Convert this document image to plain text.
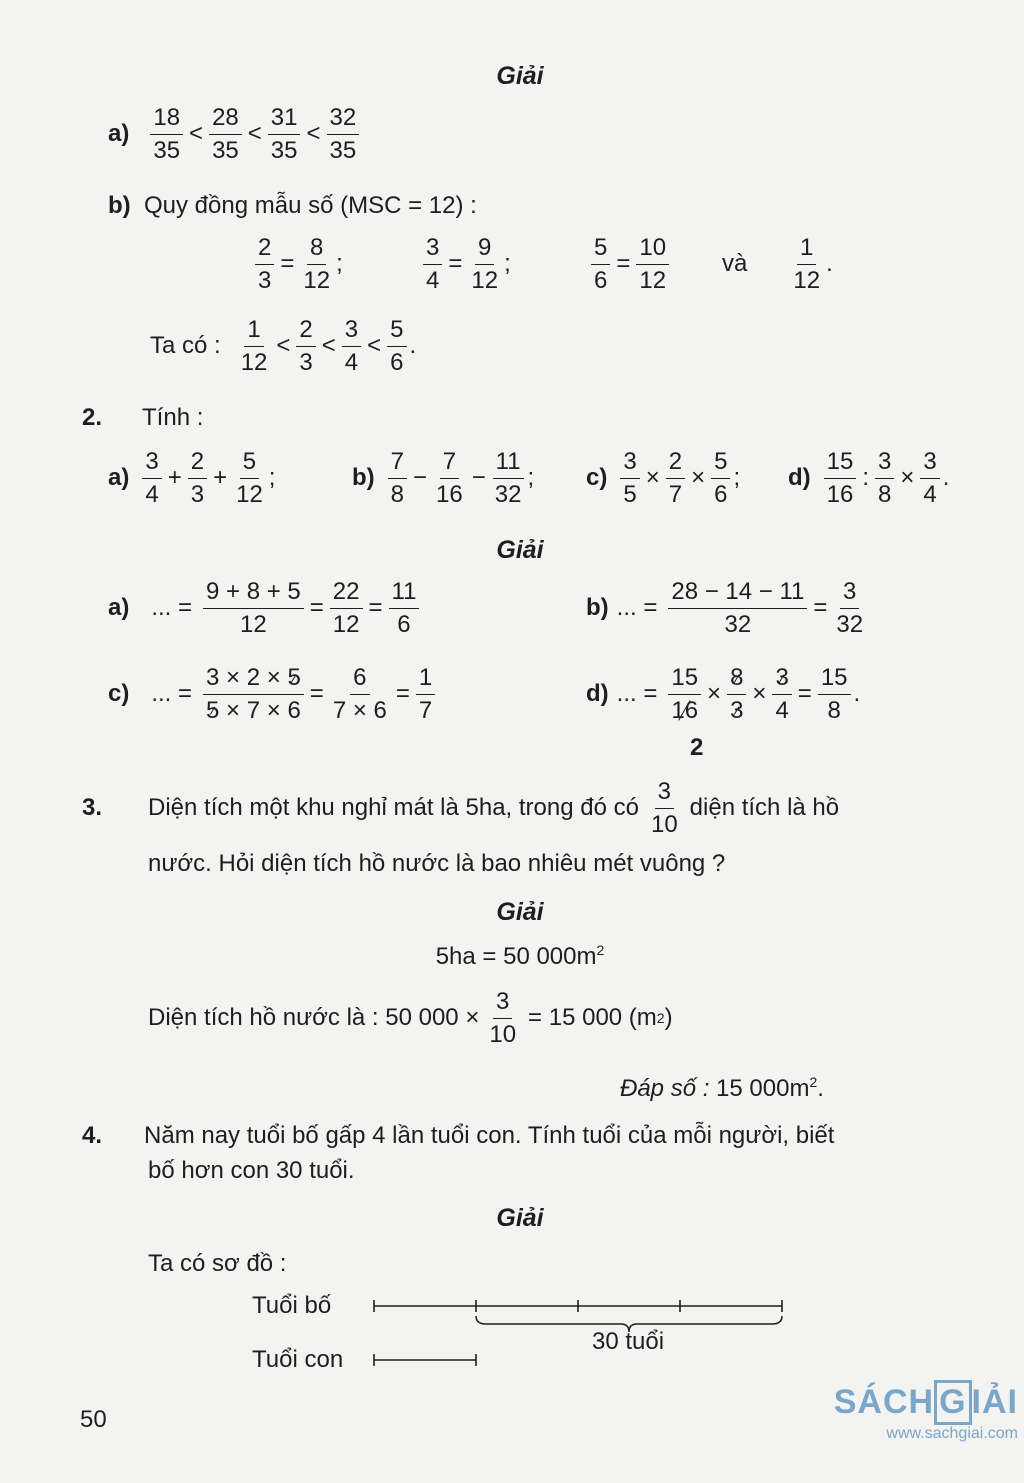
Giải
a)
18
35
<
28
35
<
31
35
<
32
35
b) Quy đồng mẫu số (MSC = 12) :
$\frac{2}{3} = \frac{8}{12}$ ;	$\frac{3}{4} = \frac{9}{12}$ ;	$\frac{5}{6} = \frac{10}{12}$ và
1
12
.
Ta có :
1
12
<
2
3
<
3
4
<
5
6
.
2. Tính :
a)
3
4
+ $\frac{2}{3} + \frac{5}{12}$ ;	b)
7
8
− $\frac{7}{16} - \frac{11}{32}$ ; $c) \frac{3}{5} \times \frac{2}{7} \times \frac{5}{6}$ ; d)
15
16
: $\frac{3}{8} \times \frac{3}{4}$ .
Giải
a) ... = $\frac{9 + 8 + 5}{12} = \frac{22}{12} = \frac{11}{6}$	b) ... = $\frac{28 - 14 - 11}{32} = \frac{3}{32}$
c) ... = $\frac{3 \times 2 \times 5}{5 \times 7 \times 6} = \frac{6}{7 \times 6} = \frac{1}{7}$	d) ... = $\frac{15}{16} \times \frac{8}{3} \times \frac{3}{4} = \frac{15}{8}$ .
2
3. Diện tích một khu nghỉ mát là 5ha, trong đó có
3
10
diện tích là hồ
nước. Hỏi diện tích hồ nước là bao nhiêu mét vuông ?
Giải
5ha = 50 $000m^2$
Diện tích hồ nước là : 50 000 ×
3
10
= 15 000 (m 2 )
Đáp số : 15 $000m^2$.
4. Năm nay tuổi bố gấp 4 lần tuổi con. Tính tuổi của mỗi người, biết
bố hơn con 30 tuổi.
Giải
Ta có sơ đồ :
Tuổi bố
Tuổi con
30 tuổi
50	SÁCH G IẢI
www.sachgiai.com
